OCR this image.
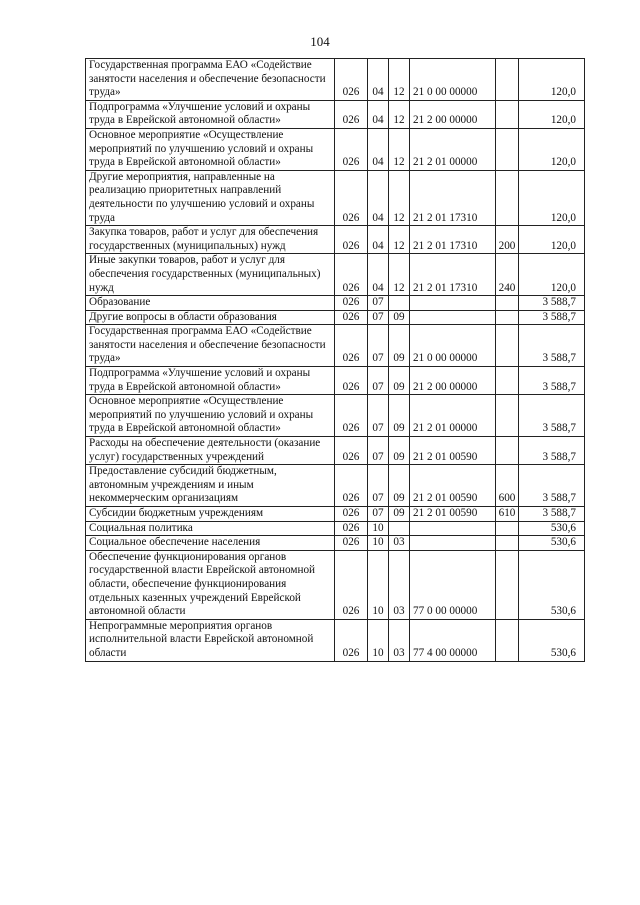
104
Государственная программа ЕАО «Содействие занятости населения и обеспечение безопасности труда»	026	04	12	21 0 00 00000		120,0
Подпрограмма «Улучшение условий и охраны труда в Еврейской автономной области»	026	04	12	21 2 00 00000		120,0
Основное мероприятие «Осуществление мероприятий по улучшению условий и охраны труда в Еврейской автономной области»	026	04	12	21 2 01 00000		120,0
Другие мероприятия, направленные на реализацию приоритетных направлений деятельности по улучшению условий и охраны труда	026	04	12	21 2 01 17310		120,0
Закупка товаров, работ и услуг для обеспечения государственных (муниципальных) нужд	026	04	12	21 2 01 17310	200	120,0
Иные закупки товаров, работ и услуг для обеспечения государственных (муниципальных) нужд	026	04	12	21 2 01 17310	240	120,0
Образование	026	07				3 588,7
Другие вопросы в области образования	026	07	09			3 588,7
Государственная программа ЕАО «Содействие занятости населения и обеспечение безопасности труда»	026	07	09	21 0 00 00000		3 588,7
Подпрограмма «Улучшение условий и охраны труда в Еврейской автономной области»	026	07	09	21 2 00 00000		3 588,7
Основное мероприятие «Осуществление мероприятий по улучшению условий и охраны труда в Еврейской автономной области»	026	07	09	21 2 01 00000		3 588,7
Расходы на обеспечение деятельности (оказание услуг) государственных учреждений	026	07	09	21 2 01 00590		3 588,7
Предоставление субсидий бюджетным, автономным учреждениям и иным некоммерческим организациям	026	07	09	21 2 01 00590	600	3 588,7
Субсидии бюджетным учреждениям	026	07	09	21 2 01 00590	610	3 588,7
Социальная политика	026	10				530,6
Социальное обеспечение населения	026	10	03			530,6
Обеспечение функционирования органов государственной власти Еврейской автономной области, обеспечение функционирования отдельных казенных учреждений Еврейской автономной области	026	10	03	77 0 00 00000		530,6
Непрограммные мероприятия органов исполнительной власти Еврейской автономной области	026	10	03	77 4 00 00000		530,6
